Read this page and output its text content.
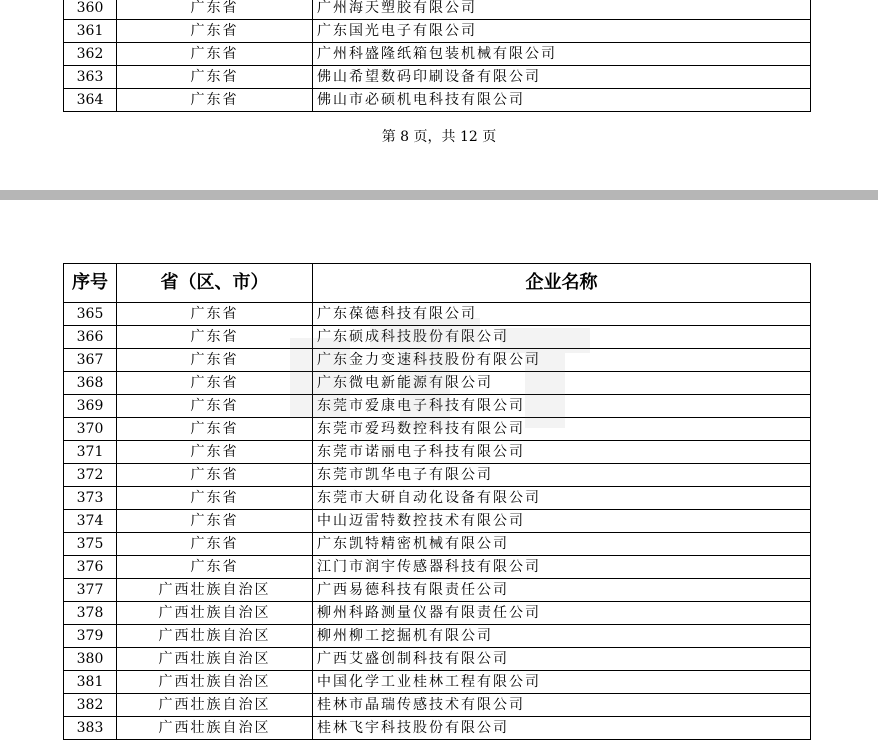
360	广东省	广州海天塑胶有限公司
361	广东省	广东国光电子有限公司
362	广东省	广州科盛隆纸箱包装机械有限公司
363	广东省	佛山希望数码印刷设备有限公司
364	广东省	佛山市必硕机电科技有限公司
第 8 页，共 12 页
序号	省（区、市）	企业名称
365	广东省	广东葆德科技有限公司
366	广东省	广东硕成科技股份有限公司
367	广东省	广东金力变速科技股份有限公司
368	广东省	广东微电新能源有限公司
369	广东省	东莞市爱康电子科技有限公司
370	广东省	东莞市爱玛数控科技有限公司
371	广东省	东莞市诺丽电子科技有限公司
372	广东省	东莞市凯华电子有限公司
373	广东省	东莞市大研自动化设备有限公司
374	广东省	中山迈雷特数控技术有限公司
375	广东省	广东凯特精密机械有限公司
376	广东省	江门市润宇传感器科技有限公司
377	广西壮族自治区	广西易德科技有限责任公司
378	广西壮族自治区	柳州科路测量仪器有限责任公司
379	广西壮族自治区	柳州柳工挖掘机有限公司
380	广西壮族自治区	广西艾盛创制科技有限公司
381	广西壮族自治区	中国化学工业桂林工程有限公司
382	广西壮族自治区	桂林市晶瑞传感技术有限公司
383	广西壮族自治区	桂林飞宇科技股份有限公司
